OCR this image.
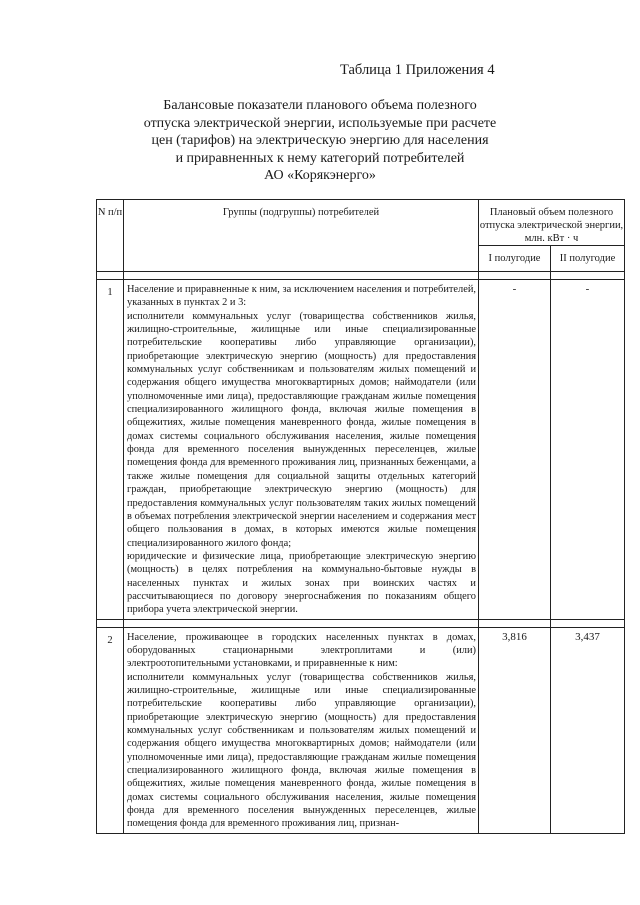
Таблица 1 Приложения 4
Балансовые показатели планового объема полезного
отпуска электрической энергии, используемые при расчете
цен (тарифов) на электрическую энергию для населения
и приравненных к нему категорий потребителей
АО «Корякэнерго»
N п/п	Группы (подгруппы) потребителей	Плановый объем полезного отпуска электрической энергии, млн. кВт · ч	
		I полугодие	II полугодие

1	Население и приравненные к ним, за исключением населения и потребителей, указанных в пунктах 2 и 3:

исполнители коммунальных услуг (товарищества собственников жилья, жилищно-строительные, жилищные или иные специализированные потребительские кооперативы либо управляющие организации), приобретающие электрическую энергию (мощность) для предоставления коммунальных услуг собственникам и пользователям жилых помещений и содержания общего имущества многоквартирных домов; наймодатели (или уполномоченные ими лица), предоставляющие гражданам жилые помещения специализированного жилищного фонда, включая жилые помещения в общежитиях, жилые помещения маневренного фонда, жилые помещения в домах системы социального обслуживания населения, жилые помещения фонда для временного поселения вынужденных переселенцев, жилые помещения фонда для временного проживания лиц, признанных беженцами, а также жилые помещения для социальной защиты отдельных категорий граждан, приобретающие электрическую энергию (мощность) для предоставления коммунальных услуг пользователям таких жилых помещений в объемах потребления электрической энергии населением и содержания мест общего пользования в домах, в которых имеются жилые помещения специализированного жилого фонда;

юридические и физические лица, приобретающие электрическую энергию (мощность) в целях потребления на коммунально-бытовые нужды в населенных пунктах и жилых зонах при воинских частях и рассчитывающиеся по договору энергоснабжения по показаниям общего прибора учета электрической энергии.	-	-

2	Население, проживающее в городских населенных пунктах в домах, оборудованных стационарными электроплитами и (или) электроотопительными установками, и приравненные к ним:

исполнители коммунальных услуг (товарищества собственников жилья, жилищно-строительные, жилищные или иные специализированные потребительские кооперативы либо управляющие организации), приобретающие электрическую энергию (мощность) для предоставления коммунальных услуг собственникам и пользователям жилых помещений и содержания общего имущества многоквартирных домов; наймодатели (или уполномоченные ими лица), предоставляющие гражданам жилые помещения специализированного жилищного фонда, включая жилые помещения в общежитиях, жилые помещения маневренного фонда, жилые помещения в домах системы социального обслуживания населения, жилые помещения фонда для временного поселения вынужденных переселенцев, жилые помещения фонда для временного проживания лиц, признан-	3,816	3,437
